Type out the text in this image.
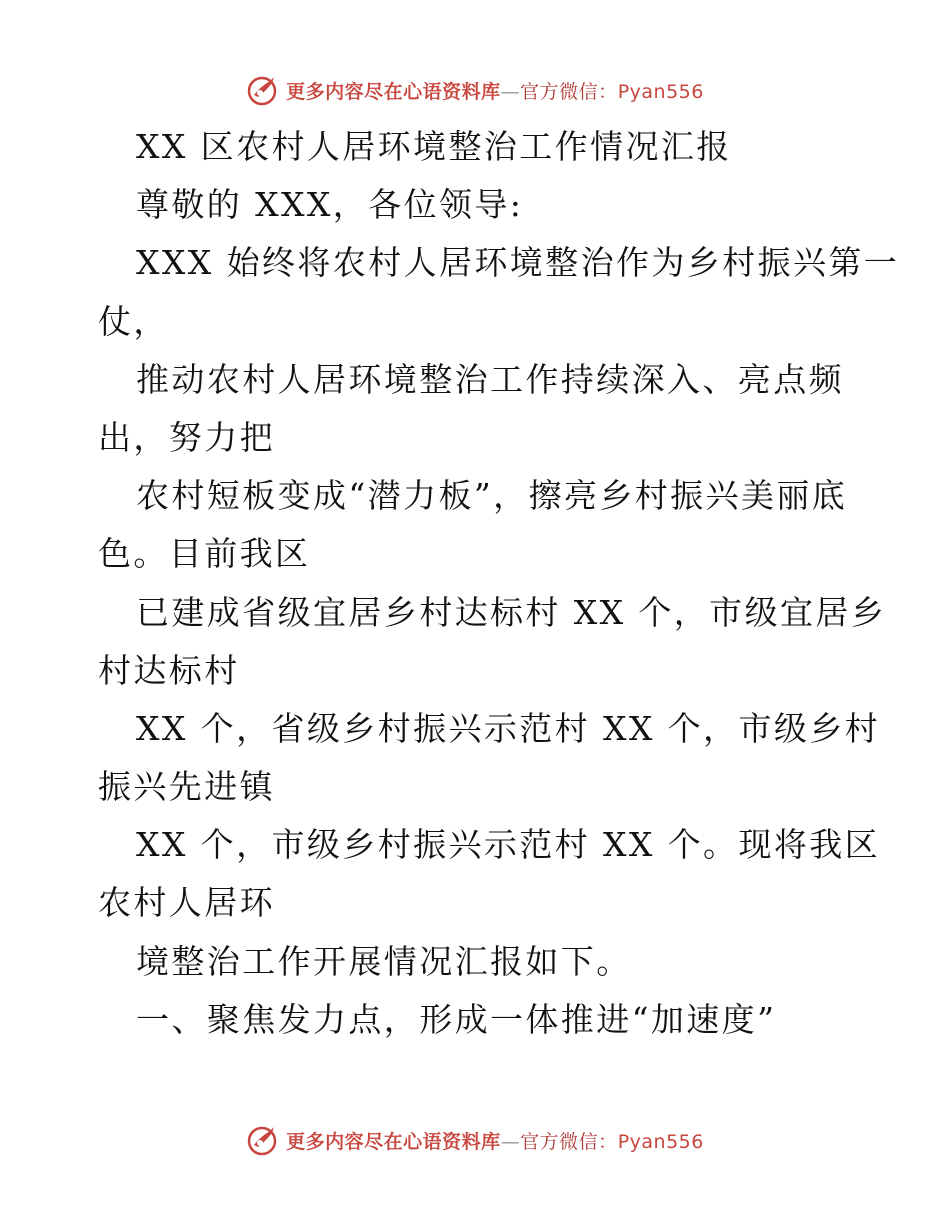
更多内容尽在心语资料库—官方微信：Pyan556
XX 区农村人居环境整治工作情况汇报
尊敬的 XXX，各位领导:
XXX 始终将农村人居环境整治作为乡村振兴第一
仗，
推动农村人居环境整治工作持续深入、亮点频
出，努力把
农村短板变成“潜力板”，擦亮乡村振兴美丽底
色。目前我区
已建成省级宜居乡村达标村 XX 个，市级宜居乡
村达标村
XX 个，省级乡村振兴示范村 XX 个，市级乡村
振兴先进镇
XX 个，市级乡村振兴示范村 XX 个。现将我区
农村人居环
境整治工作开展情况汇报如下。
一、聚焦发力点，形成一体推进“加速度”
更多内容尽在心语资料库—官方微信：Pyan556
